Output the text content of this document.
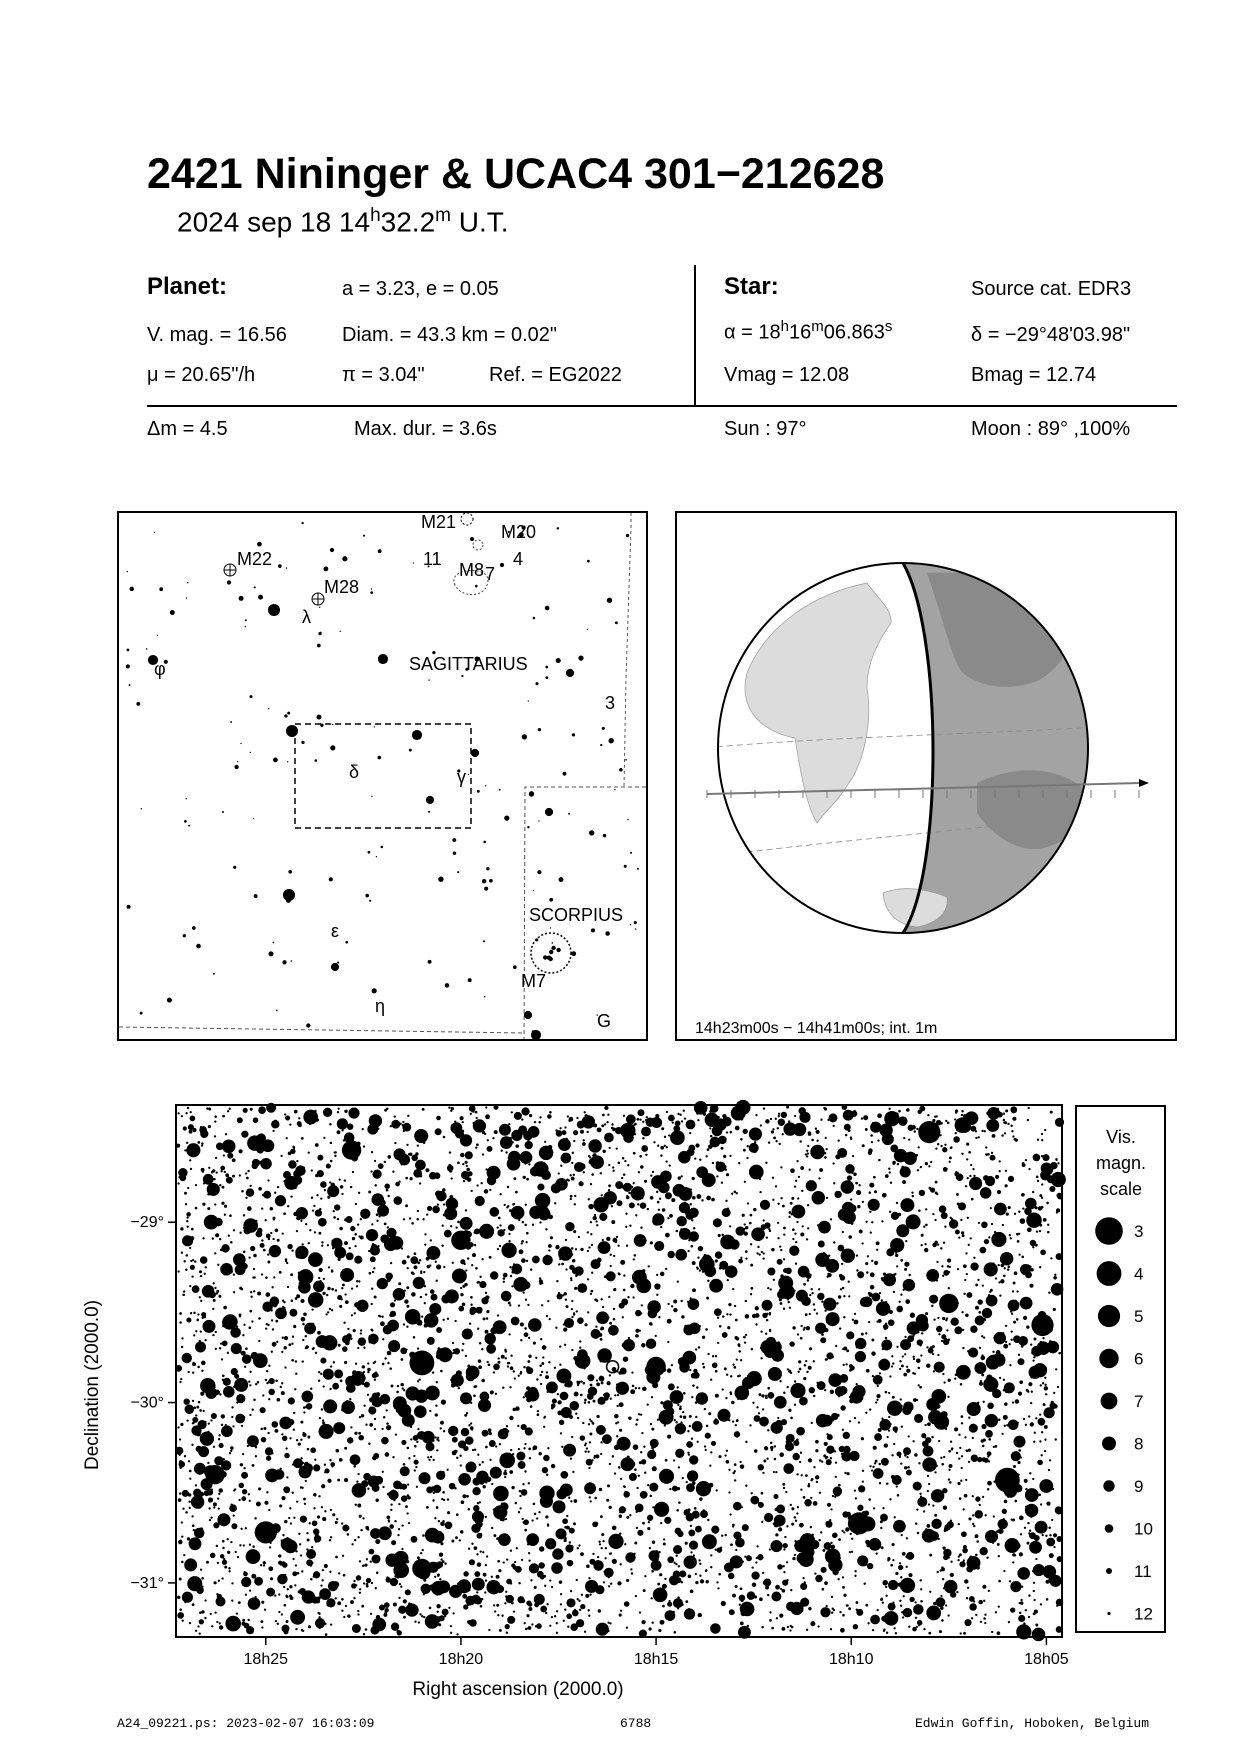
2421 Nininger & UCAC4 301−212628
2024 sep 18 14$^h$32.2$^m$ U.T.
Planet:	a = 3.23, e = 0.05
V. mag. = 16.56	Diam. = 43.3 km = 0.02"
μ = 20.65"/h	π = 3.04"	Ref. = EG2022
Star:	Source cat. EDR3
$\alpha = 18^h16^m06.863^s$	δ = −29°48'03.98"
Vmag = 12.08	Bmag = 12.74
Δm = 4.5	Max. dur. = 3.6s	Sun : 97°	Moon : 89° ,100%
M21 M20
M22	11	4
M8 7
M28
λ
φ	SAGITTARIUS
3
δ	γ
SCORPIUS
ε
M7
η
G	14h23m00s − 14h41m00s; int. 1m
18h25	18h20	18h15	18h10	18h05
−29°
−30°
−31°
Right ascension (2000.0)
Declination (2000.0)
Vis.
magn.
scale
3
4
5
6
7
8
9
10
11
12
A24_09221.ps: 2023-02-07 16:03:09	6788	Edwin Goffin, Hoboken, Belgium
